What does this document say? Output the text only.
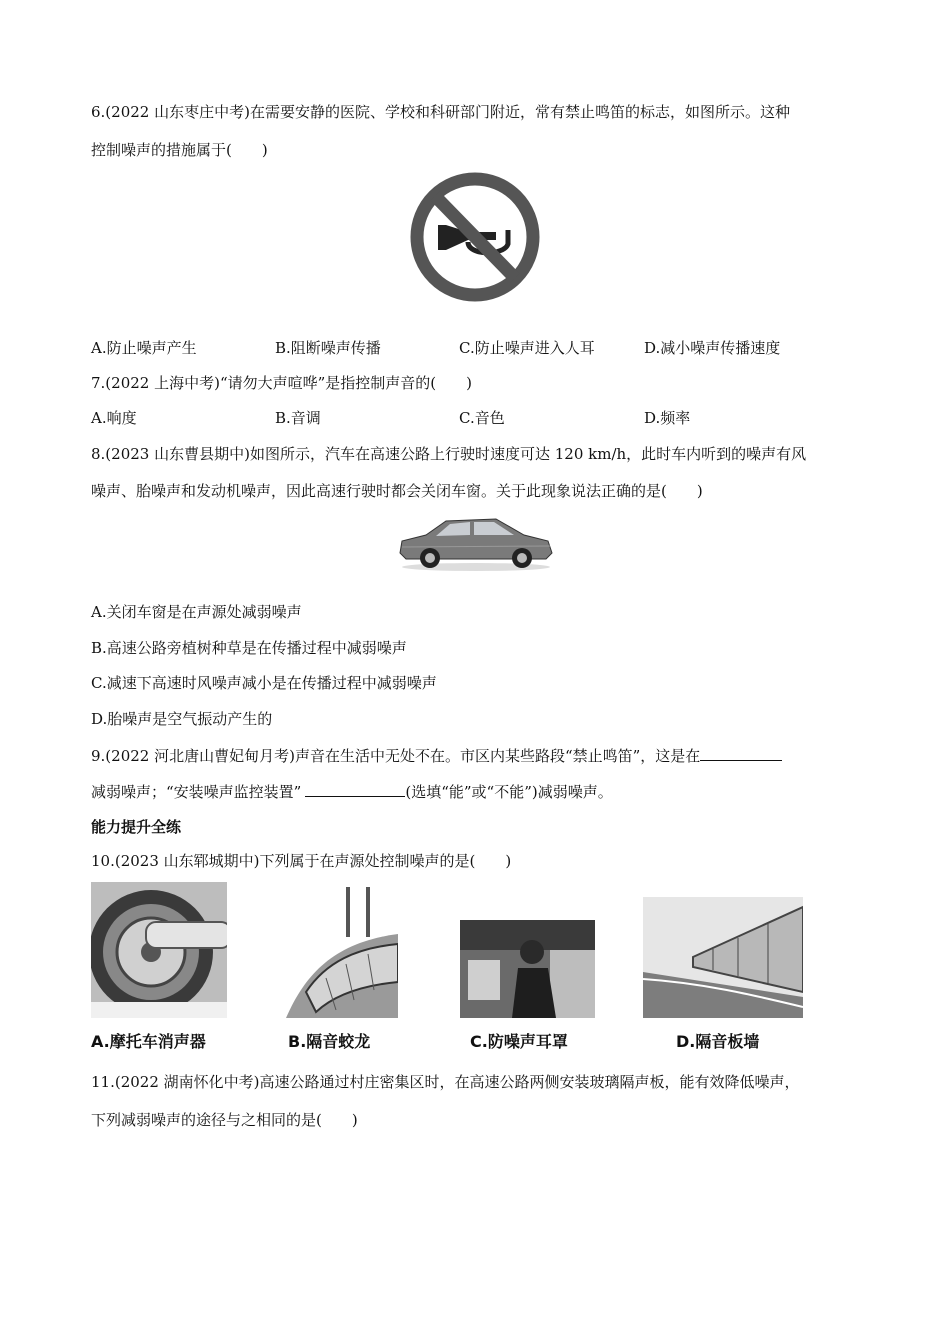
6.(2022 山东枣庄中考)在需要安静的医院、学校和科研部门附近，常有禁止鸣笛的标志，如图所示。这种
控制噪声的措施属于(　　)
A.防止噪声产生	B.阻断噪声传播	C.防止噪声进入人耳	D.减小噪声传播速度
7.(2022 上海中考)“请勿大声喧哗”是指控制声音的(　　)
A.响度	B.音调	C.音色	D.频率
8.(2023 山东曹县期中)如图所示，汽车在高速公路上行驶时速度可达 120 km/h，此时车内听到的噪声有风
噪声、胎噪声和发动机噪声，因此高速行驶时都会关闭车窗。关于此现象说法正确的是(　　)
A.关闭车窗是在声源处减弱噪声
B.高速公路旁植树种草是在传播过程中减弱噪声
C.减速下高速时风噪声减小是在传播过程中减弱噪声
D.胎噪声是空气振动产生的
9.(2022 河北唐山曹妃甸月考)声音在生活中无处不在。市区内某些路段“禁止鸣笛”，这是在
减弱噪声；“安装噪声监控装置”	(选填“能”或“不能”)减弱噪声。
能力提升全练
10.(2023 山东郓城期中)下列属于在声源处控制噪声的是(　　)
A.摩托车消声器	B.隔音蛟龙	C.防噪声耳罩	D.隔音板墙
11.(2022 湖南怀化中考)高速公路通过村庄密集区时，在高速公路两侧安装玻璃隔声板，能有效降低噪声，
下列减弱噪声的途径与之相同的是(　　)
